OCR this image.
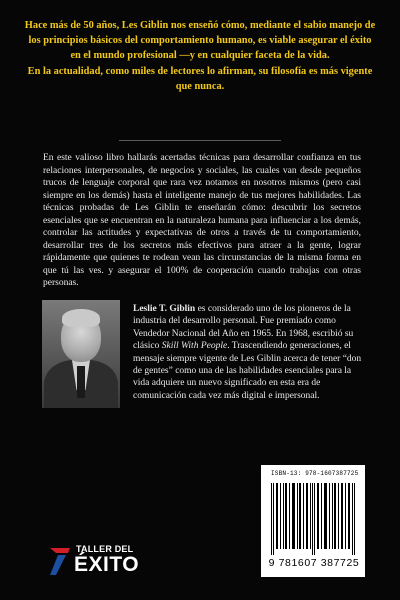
Hace más de 50 años, Les Giblin nos enseñó cómo, mediante el sabio manejo de los principios básicos del comportamiento humano, es viable asegurar el éxito en el mundo profesional —y en cualquier faceta de la vida.

En la actualidad, como miles de lectores lo afirman, su filosofía es más vigente que nunca.

En este valioso libro hallarás acertadas técnicas para desarrollar confianza en tus relaciones interpersonales, de negocios y sociales, las cuales van desde pequeños trucos de lenguaje corporal que rara vez notamos en nosotros mismos (pero casi siempre en los demás) hasta el inteligente manejo de tus mejores habilidades. Las técnicas probadas de Les Giblin te enseñarán cómo: descubrir los secretos esenciales que se encuentran en la naturaleza humana para influenciar a los demás, controlar las actitudes y expectativas de otros a través de tu comportamiento, desarrollar tres de los secretos más efectivos para atraer a la gente, lograr rápidamente que quienes te rodean vean las circunstancias de la misma forma en que tú las ves. y asegurar el 100% de cooperación cuando trabajas con otras personas.
Leslie T. Giblin es considerado uno de los pioneros de la industria del desarrollo personal. Fue premiado como Vendedor Nacional del Año en 1965. En 1968, escribió su clásico Skill With People. Trascendiendo generaciones, el mensaje siempre vigente de Les Giblin acerca de tener “don de gentes” como una de las habilidades esenciales para la vida adquiere un nuevo significado en esta era de comunicación cada vez más digital e impersonal.
TALLER DEL
ÉXITO
ISBN-13: 978-1607387725
9 781607 387725
